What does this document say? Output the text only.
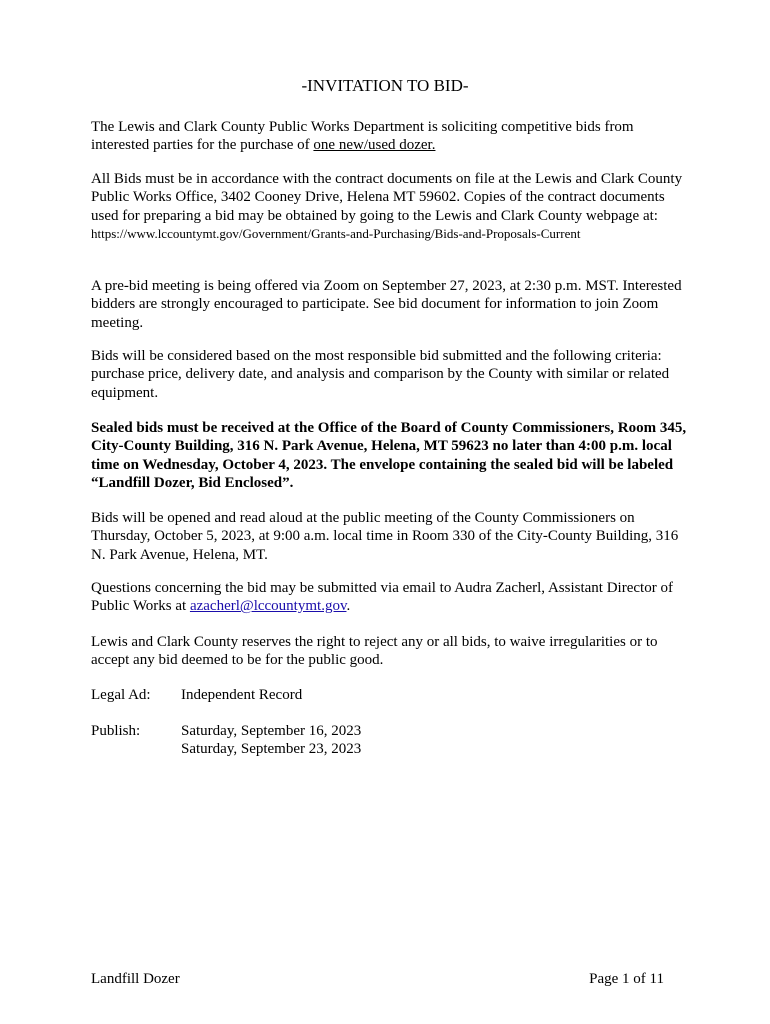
-INVITATION TO BID-
The Lewis and Clark County Public Works Department is soliciting competitive bids from interested parties for the purchase of one new/used dozer.
All Bids must be in accordance with the contract documents on file at the Lewis and Clark County Public Works Office, 3402 Cooney Drive, Helena MT 59602. Copies of the contract documents used for preparing a bid may be obtained by going to the Lewis and Clark County webpage at: https://www.lccountymt.gov/Government/Grants-and-Purchasing/Bids-and-Proposals-Current
A pre-bid meeting is being offered via Zoom on September 27, 2023, at 2:30 p.m. MST. Interested bidders are strongly encouraged to participate. See bid document for information to join Zoom meeting.
Bids will be considered based on the most responsible bid submitted and the following criteria: purchase price, delivery date, and analysis and comparison by the County with similar or related equipment.
Sealed bids must be received at the Office of the Board of County Commissioners, Room 345, City-County Building, 316 N. Park Avenue, Helena, MT 59623 no later than 4:00 p.m. local time on Wednesday, October 4, 2023. The envelope containing the sealed bid will be labeled “Landfill Dozer, Bid Enclosed”.
Bids will be opened and read aloud at the public meeting of the County Commissioners on Thursday, October 5, 2023, at 9:00 a.m. local time in Room 330 of the City-County Building, 316 N. Park Avenue, Helena, MT.
Questions concerning the bid may be submitted via email to Audra Zacherl, Assistant Director of Public Works at azacherl@lccountymt.gov.
Lewis and Clark County reserves the right to reject any or all bids, to waive irregularities or to accept any bid deemed to be for the public good.
Legal Ad: Independent Record
Publish:	Saturday, September 16, 2023
Saturday, September 23, 2023
Landfill Dozer	Page 1 of 11
